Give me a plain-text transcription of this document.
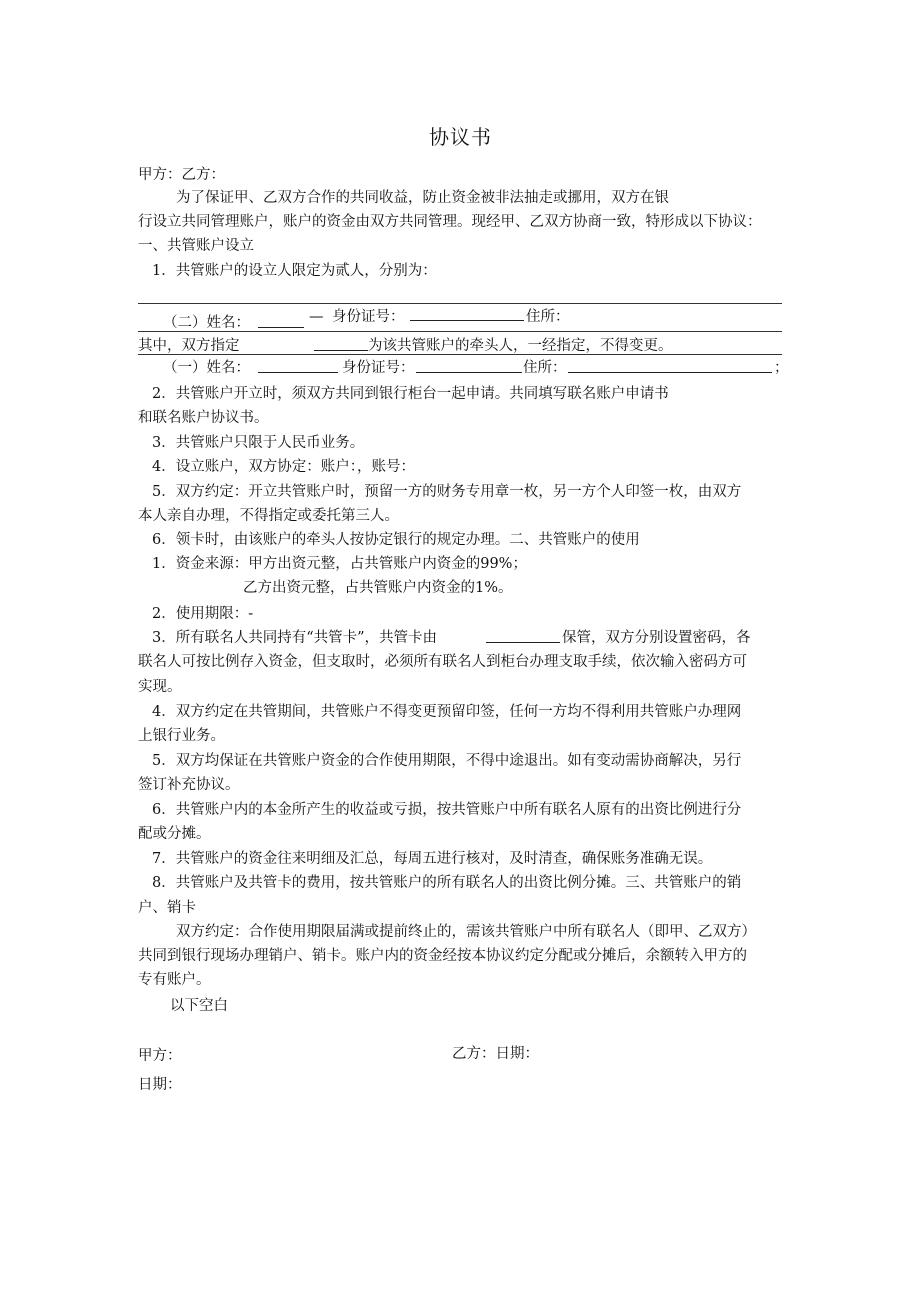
协议书
甲方：乙方：
为了保证甲、乙双方合作的共同收益，防止资金被非法抽走或挪用，双方在银
行设立共同管理账户，账户的资金由双方共同管理。现经甲、乙双方协商一致，特形成以下协议：
一、共管账户设立
1．共管账户的设立人限定为贰人，分别为：
（二）姓名：	— 身份证号：	住所：
其中，双方指定	为该共管账户的牵头人，一经指定，不得变更。
（一）姓名：	身份证号：	住所：	；
2．共管账户开立时，须双方共同到银行柜台一起申请。共同填写联名账户申请书
和联名账户协议书。
3．共管账户只限于人民币业务。
4．设立账户，双方协定：账户：，账号：
5．双方约定：开立共管账户时，预留一方的财务专用章一枚，另一方个人印签一枚，由双方
本人亲自办理，不得指定或委托第三人。
6．领卡时，由该账户的牵头人按协定银行的规定办理。二、共管账户的使用
1．资金来源：甲方出资元整，占共管账户内资金的99%；
乙方出资元整，占共管账户内资金的1%。
2．使用期限：-
3．所有联名人共同持有“共管卡”，共管卡由	保管，双方分别设置密码，各
联名人可按比例存入资金，但支取时，必须所有联名人到柜台办理支取手续，依次输入密码方可
实现。
4．双方约定在共管期间，共管账户不得变更预留印签，任何一方均不得利用共管账户办理网
上银行业务。
5．双方均保证在共管账户资金的合作使用期限，不得中途退出。如有变动需协商解决，另行
签订补充协议。
6．共管账户内的本金所产生的收益或亏损，按共管账户中所有联名人原有的出资比例进行分
配或分摊。
7．共管账户的资金往来明细及汇总，每周五进行核对，及时清查，确保账务准确无误。
8．共管账户及共管卡的费用，按共管账户的所有联名人的出资比例分摊。三、共管账户的销
户、销卡
双方约定：合作使用期限届满或提前终止的，需该共管账户中所有联名人（即甲、乙双方）
共同到银行现场办理销户、销卡。账户内的资金经按本协议约定分配或分摊后，余额转入甲方的
专有账户。
以下空白
甲方：	乙方：日期：
日期：
